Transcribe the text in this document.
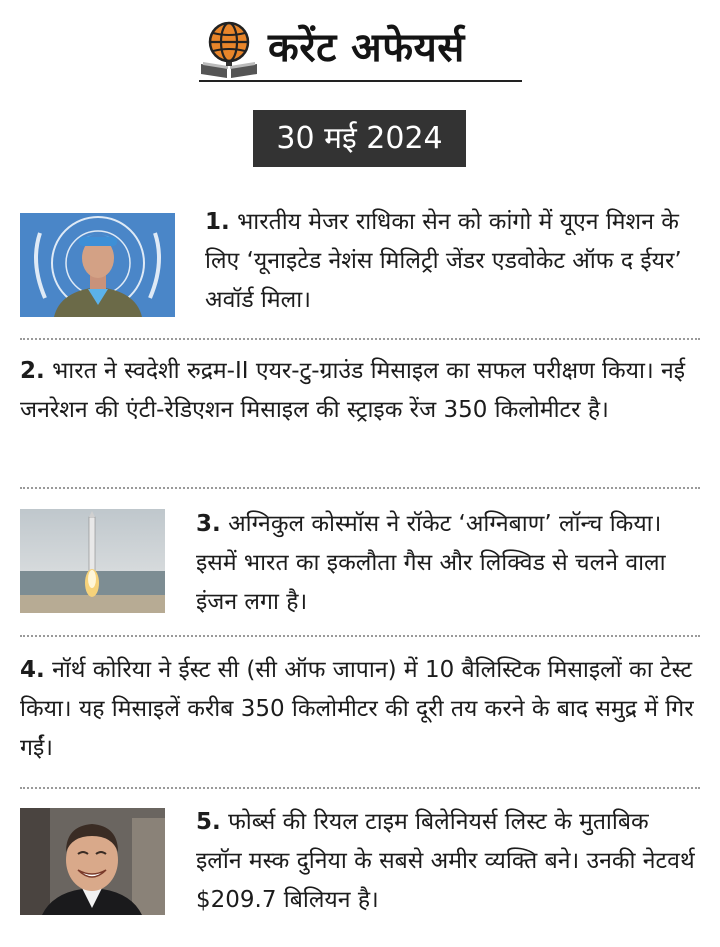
करेंट अफेयर्स
30 मई 2024
1. भारतीय मेजर राधिका सेन को कांगो में यूएन मिशन के लिए ‘यूनाइटेड नेशंस मिलिट्री जेंडर एडवोकेट ऑफ द ईयर’ अवॉर्ड मिला।
2. भारत ने स्वदेशी रुद्रम-II एयर-टु-ग्राउंड मिसाइल का सफल परीक्षण किया। नई जनरेशन की एंटी-रेडिएशन मिसाइल की स्ट्राइक रेंज 350 किलोमीटर है।
3. अग्निकुल कोस्मॉस ने रॉकेट ‘अग्निबाण’ लॉन्च किया। इसमें भारत का इकलौता गैस और लिक्विड से चलने वाला इंजन लगा है।
4. नॉर्थ कोरिया ने ईस्ट सी (सी ऑफ जापान) में 10 बैलिस्टिक मिसाइलों का टेस्ट किया। यह मिसाइलें करीब 350 किलोमीटर की दूरी तय करने के बाद समुद्र में गिर गईं।
5. फोर्ब्स की रियल टाइम बिलेनियर्स लिस्ट के मुताबिक इलॉन मस्क दुनिया के सबसे अमीर व्यक्ति बने। उनकी नेटवर्थ $209.7 बिलियन है।
